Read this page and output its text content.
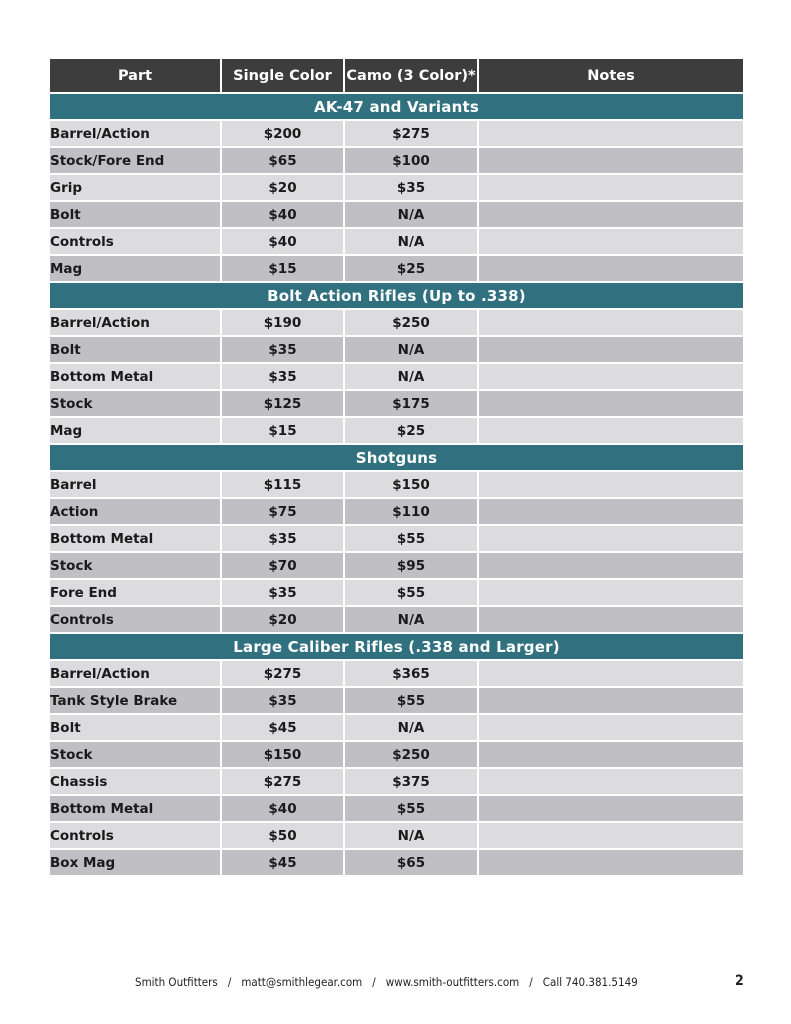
Part	Single Color	Camo (3 Color)*	Notes
AK-47 and Variants			
Barrel/Action	$200	$275	
Stock/Fore End	$65	$100	
Grip	$20	$35	
Bolt	$40	N/A	
Controls	$40	N/A	
Mag	$15	$25	
Bolt Action Rifles (Up to .338)			
Barrel/Action	$190	$250	
Bolt	$35	N/A	
Bottom Metal	$35	N/A	
Stock	$125	$175	
Mag	$15	$25	
Shotguns			
Barrel	$115	$150	
Action	$75	$110	
Bottom Metal	$35	$55	
Stock	$70	$95	
Fore End	$35	$55	
Controls	$20	N/A	
Large Caliber Rifles (.338 and Larger)			
Barrel/Action	$275	$365	
Tank Style Brake	$35	$55	
Bolt	$45	N/A	
Stock	$150	$250	
Chassis	$275	$375	
Bottom Metal	$40	$55	
Controls	$50	N/A	
Box Mag	$45	$65	
Smith Outfitters / matt@smithlegear.com / www.smith-outfitters.com / Call 740.381.5149	2
